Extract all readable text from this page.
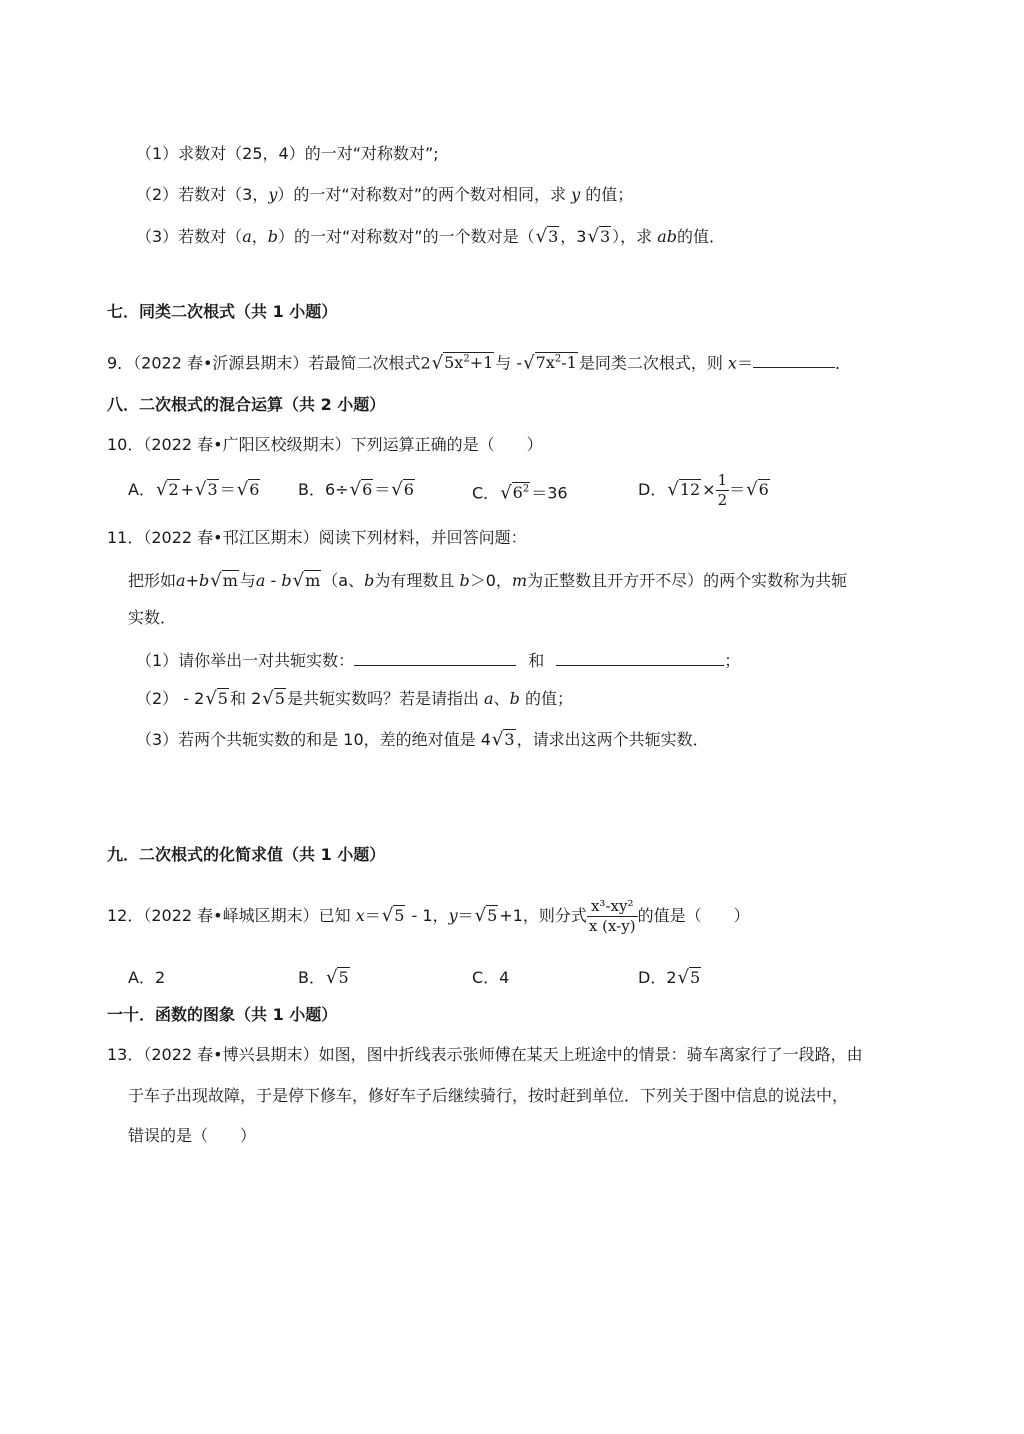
（1）求数对（25，4）的一对“对称数对”;
（2）若数对（3，y）的一对“对称数对”的两个数对相同，求 y 的值；
（3）若数对（a，b）的一对“对称数对”的一个数对是（√3 ，3√3 ），求 ab的值．
七．同类二次根式（共 1 小题）
9．（2022 春•沂源县期末）若最简二次根式$2√5x^2+1$ 与 $-√7x^2-1$ 是同类二次根式，则 x＝	．
八．二次根式的混合运算（共 2 小题）
10．（2022 春•广阳区校级期末）下列运算正确的是（　　）
A．√2 +√3 ＝√6 B．6÷√6 ＝√6	C．$√6^2 =36$	D．$√12 \times \frac{1}{2} =√6$
11．（2022 春•邗江区期末）阅读下列材料，并回答问题：
把形如a+b√m 与a - b√m （a、b为有理数且 b＞0，m为正整数且开方开不尽）的两个实数称为共轭
实数．
（1）请你举出一对共轭实数：	和	；
（2） - 2√5 和 2√5 是共轭实数吗？若是请指出 a、b 的值；
（3）若两个共轭实数的和是 10，差的绝对值是 4√3 ，请求出这两个共轭实数．
九．二次根式的化简求值（共 1 小题）
12．（2022 春•峄城区期末）已知 x＝√5 - 1，y＝√5 +1，则分式 $\frac{\text{x³-xy²}}{x (x-y)}$ 的值是（　　）
A．2	B．√5	C．4	D．2√5
一十．函数的图象（共 1 小题）
13．（2022 春•博兴县期末）如图，图中折线表示张师傅在某天上班途中的情景：骑车离家行了一段路，由
于车子出现故障，于是停下修车，修好车子后继续骑行，按时赶到单位．下列关于图中信息的说法中，
错误的是（　　）
